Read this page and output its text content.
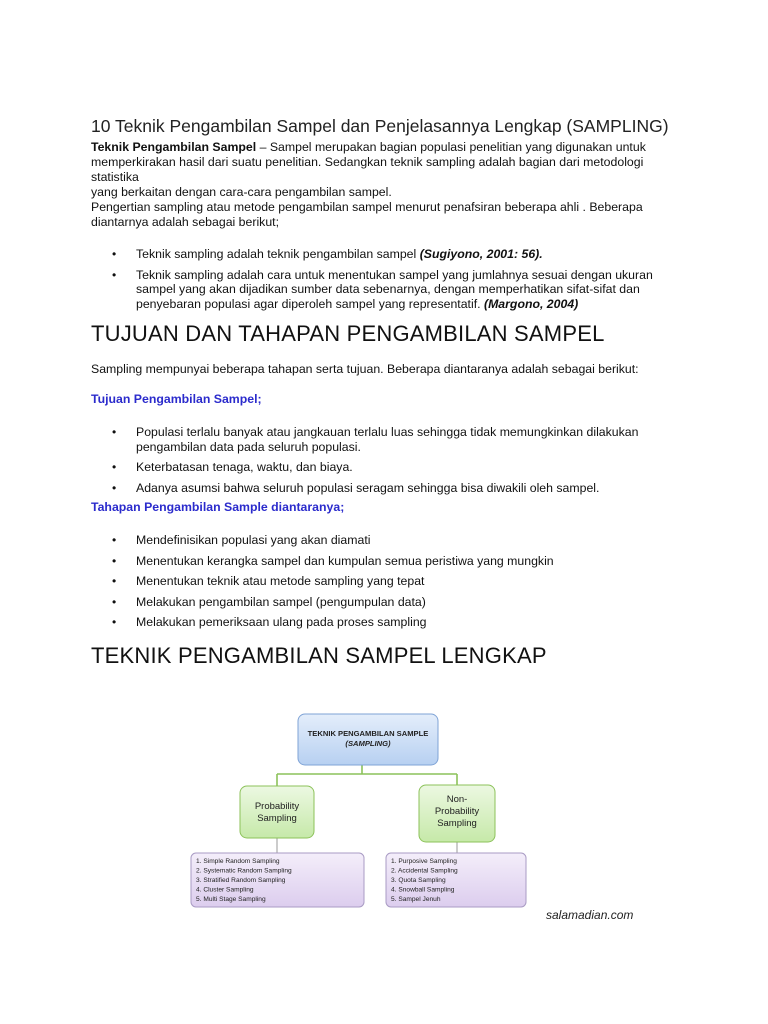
10 Teknik Pengambilan Sampel dan Penjelasannya Lengkap (SAMPLING)
Teknik Pengambilan Sampel – Sampel merupakan bagian populasi penelitian yang digunakan untuk
memperkirakan hasil dari suatu penelitian. Sedangkan teknik sampling adalah bagian dari metodologi statistika
yang berkaitan dengan cara-cara pengambilan sampel.
Pengertian sampling atau metode pengambilan sampel menurut penafsiran beberapa ahli . Beberapa
diantarnya adalah sebagai berikut;
• Teknik sampling adalah teknik pengambilan sampel (Sugiyono, 2001: 56).
• Teknik sampling adalah cara untuk menentukan sampel yang jumlahnya sesuai dengan ukuran
sampel yang akan dijadikan sumber data sebenarnya, dengan memperhatikan sifat-sifat dan
penyebaran populasi agar diperoleh sampel yang representatif. (Margono, 2004)
TUJUAN DAN TAHAPAN PENGAMBILAN SAMPEL
Sampling mempunyai beberapa tahapan serta tujuan. Beberapa diantaranya adalah sebagai berikut:
Tujuan Pengambilan Sampel;
• Populasi terlalu banyak atau jangkauan terlalu luas sehingga tidak memungkinkan dilakukan
pengambilan data pada seluruh populasi.
• Keterbatasan tenaga, waktu, dan biaya.
• Adanya asumsi bahwa seluruh populasi seragam sehingga bisa diwakili oleh sampel.
Tahapan Pengambilan Sample diantaranya;
• Mendefinisikan populasi yang akan diamati
• Menentukan kerangka sampel dan kumpulan semua peristiwa yang mungkin
• Menentukan teknik atau metode sampling yang tepat
• Melakukan pengambilan sampel (pengumpulan data)
• Melakukan pemeriksaan ulang pada proses sampling
TEKNIK PENGAMBILAN SAMPEL LENGKAP
TEKNIK PENGAMBILAN SAMPLE
(SAMPLING)
Probability
Sampling
Non-
Probability
Sampling
1. Simple Random Sampling
2. Systematic Random Sampling
3. Stratified Random Sampling
4. Cluster Sampling
5. Multi Stage Sampling
1. Purposive Sampling
2. Accidental Sampling
3. Quota Sampling
4. Snowball Sampling
5. Sampel Jenuh
salamadian.com
